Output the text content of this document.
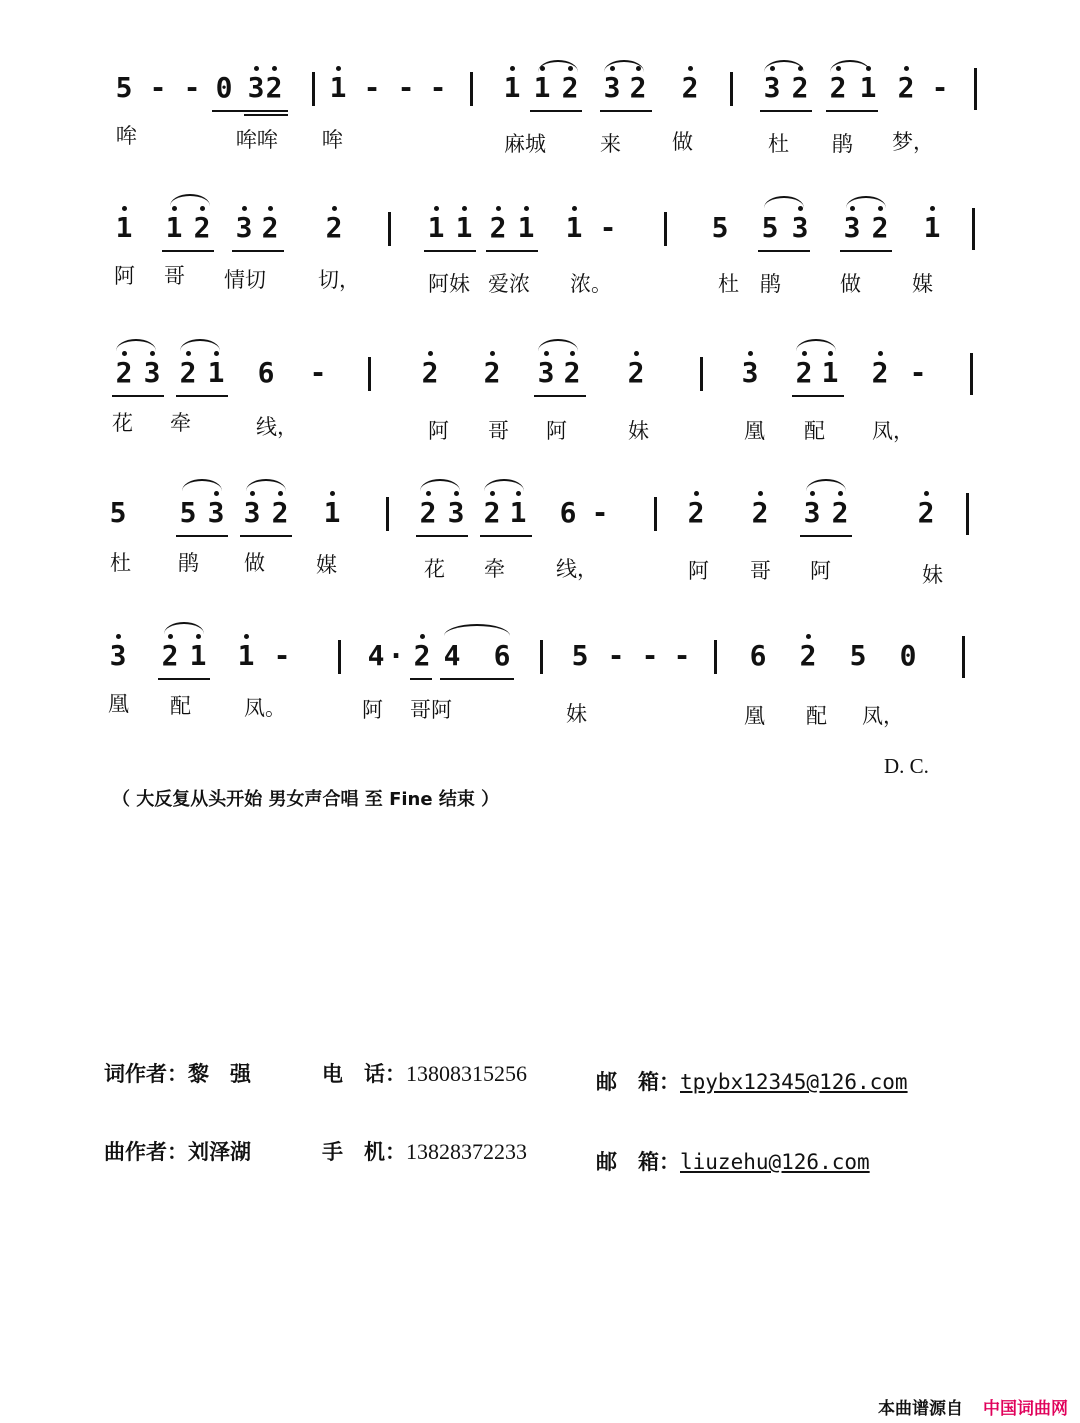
5 - - 0 3 2 1 - - - 1 1 2 3 2 2 3 2 2 1 2 -
哞	哞哞 哞	麻城	来 做	杜 鹃 梦，
1 1 2 3 2 2	1 1 2 1 1 -	5 5 3 3 2 1
阿 哥 情切 切，	阿妹 爱浓 浓。	杜 鹃	做 媒
2 3 2 1 6 -	2 2 3 2 2	3 2 1 2 -
花 牵	线，	阿 哥 阿	妹	凰 配 凤，
5 5 3 3 2 1	2 3 2 1 6 -	2 2 3 2 2
杜 鹃 做 媒	花 牵 线，	阿 哥 阿	妹
3 2 1 1 -	4 · 2 4 6 5 - - - 6 2 5 0
凰 配	凤。	阿 哥阿	妹	凰 配 凤，
D. C.
（ 大反复从头开始 男女声合唱 至 Fine 结束 ）
词作者：黎　强	电　话：13808315256	邮　箱：tpybx12345@126.com
曲作者：刘泽湖	手　机：13828372233	邮　箱：liuzehu@126.com
本曲谱源自 中国词曲网
